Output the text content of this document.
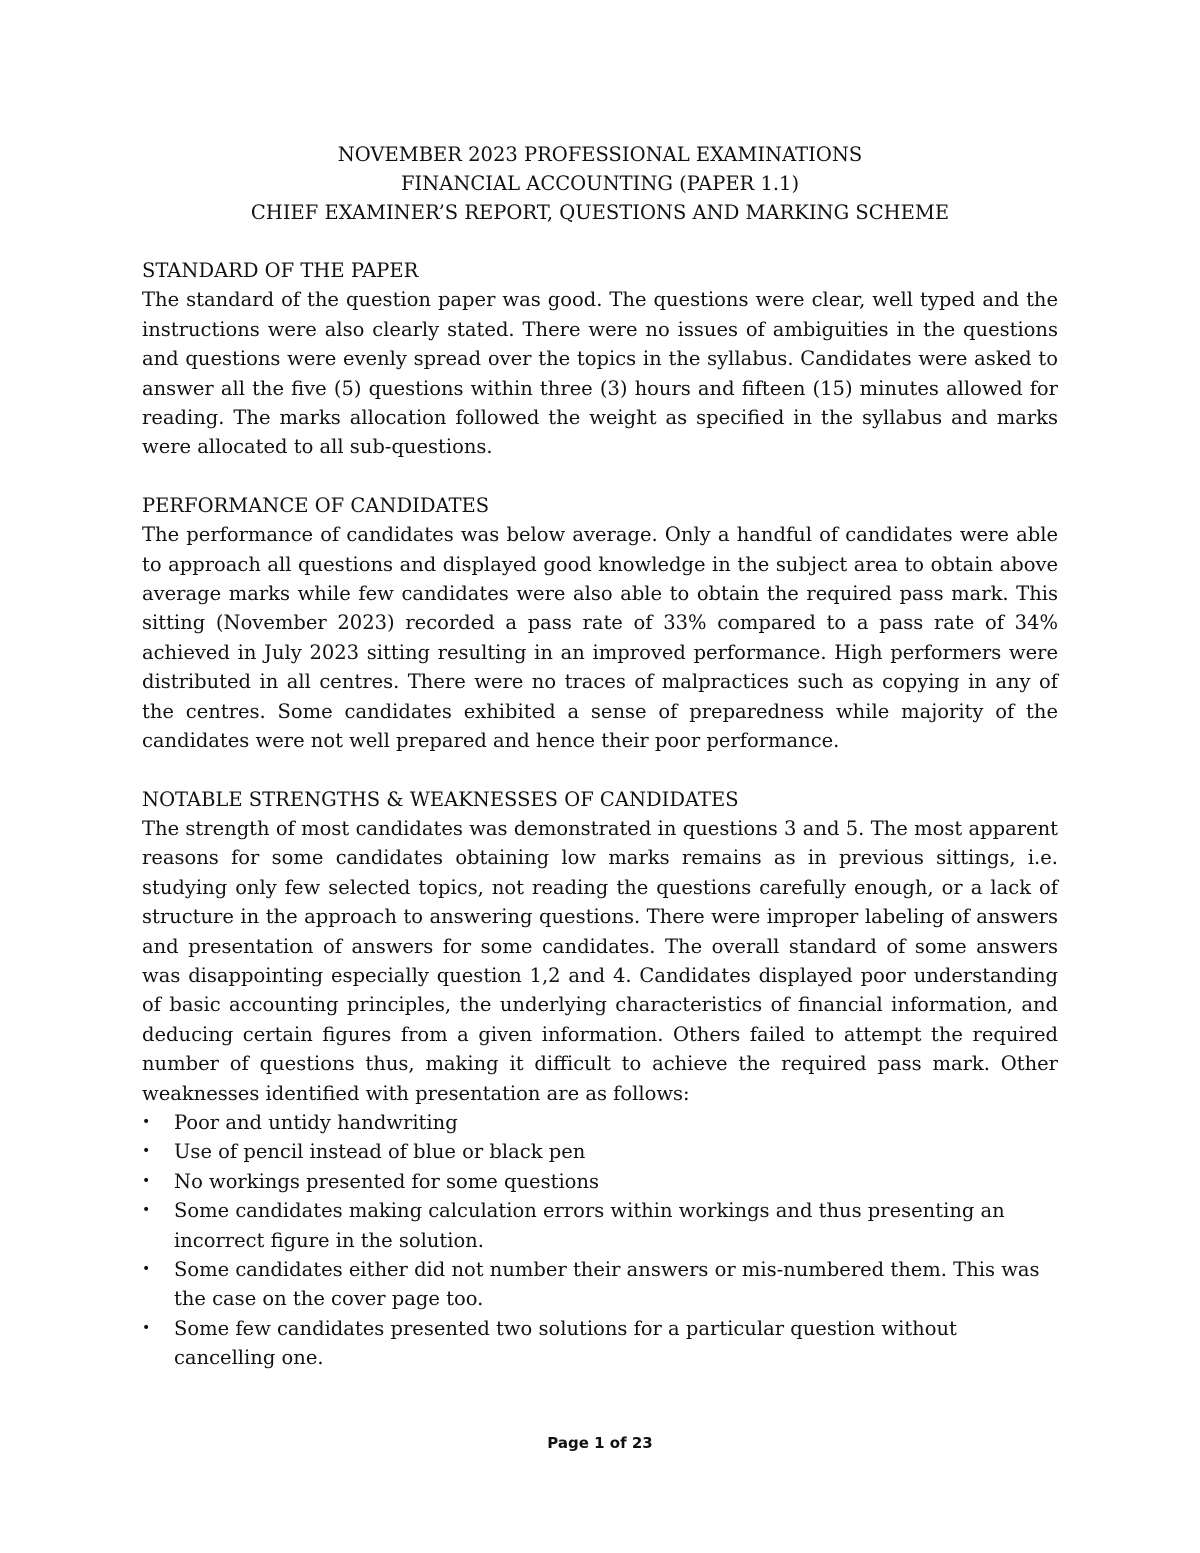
NOVEMBER 2023 PROFESSIONAL EXAMINATIONS
FINANCIAL ACCOUNTING (PAPER 1.1)
CHIEF EXAMINER’S REPORT, QUESTIONS AND MARKING SCHEME

STANDARD OF THE PAPER

The standard of the question paper was good. The questions were clear, well typed and the instructions were also clearly stated. There were no issues of ambiguities in the questions and questions were evenly spread over the topics in the syllabus. Candidates were asked to answer all the five (5) questions within three (3) hours and fifteen (15) minutes allowed for reading. The marks allocation followed the weight as specified in the syllabus and marks were allocated to all sub-questions.

PERFORMANCE OF CANDIDATES

The performance of candidates was below average. Only a handful of candidates were able to approach all questions and displayed good knowledge in the subject area to obtain above average marks while few candidates were also able to obtain the required pass mark. This sitting (November 2023) recorded a pass rate of 33% compared to a pass rate of 34% achieved in July 2023 sitting resulting in an improved performance. High performers were distributed in all centres. There were no traces of malpractices such as copying in any of the centres. Some candidates exhibited a sense of preparedness while majority of the candidates were not well prepared and hence their poor performance.

NOTABLE STRENGTHS & WEAKNESSES OF CANDIDATES

The strength of most candidates was demonstrated in questions 3 and 5. The most apparent reasons for some candidates obtaining low marks remains as in previous sittings, i.e. studying only few selected topics, not reading the questions carefully enough, or a lack of structure in the approach to answering questions. There were improper labeling of answers and presentation of answers for some candidates. The overall standard of some answers was disappointing especially question 1,2 and 4. Candidates displayed poor understanding of basic accounting principles, the underlying characteristics of financial information, and deducing certain figures from a given information. Others failed to attempt the required number of questions thus, making it difficult to achieve the required pass mark. Other weaknesses identified with presentation are as follows:

• Poor and untidy handwriting
• Use of pencil instead of blue or black pen
• No workings presented for some questions
• Some candidates making calculation errors within workings and thus presenting an incorrect figure in the solution.
• Some candidates either did not number their answers or mis-numbered them. This was the case on the cover page too.
• Some few candidates presented two solutions for a particular question without cancelling one.
Page 1 of 23
